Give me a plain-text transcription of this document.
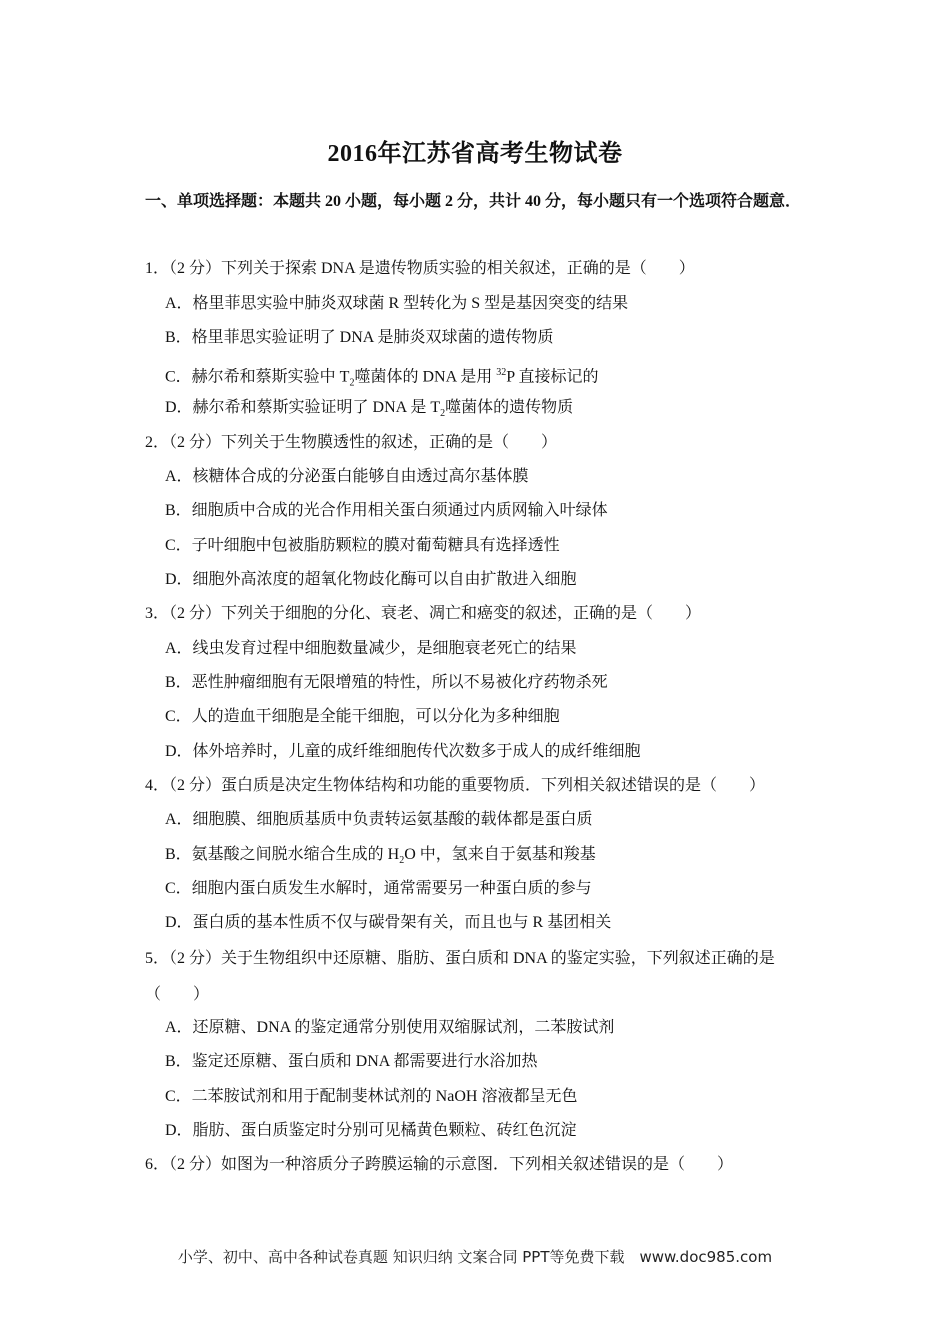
2016年江苏省高考生物试卷
一、单项选择题：本题共 20 小题，每小题 2 分，共计 40 分，每小题只有一个选项符合题意．
1．（2 分）下列关于探索 DNA 是遗传物质实验的相关叙述，正确的是（　　）
A．格里菲思实验中肺炎双球菌 R 型转化为 S 型是基因突变的结果
B．格里菲思实验证明了 DNA 是肺炎双球菌的遗传物质
C．赫尔希和蔡斯实验中 $T_2$噬菌体的 DNA 是用 $^{32}$P 直接标记的
D．赫尔希和蔡斯实验证明了 DNA 是 $T_2$噬菌体的遗传物质
2．（2 分）下列关于生物膜透性的叙述，正确的是（　　）
A．核糖体合成的分泌蛋白能够自由透过高尔基体膜
B．细胞质中合成的光合作用相关蛋白须通过内质网输入叶绿体
C．子叶细胞中包被脂肪颗粒的膜对葡萄糖具有选择透性
D．细胞外高浓度的超氧化物歧化酶可以自由扩散进入细胞
3．（2 分）下列关于细胞的分化、衰老、凋亡和癌变的叙述，正确的是（　　）
A．线虫发育过程中细胞数量减少，是细胞衰老死亡的结果
B．恶性肿瘤细胞有无限增殖的特性，所以不易被化疗药物杀死
C．人的造血干细胞是全能干细胞，可以分化为多种细胞
D．体外培养时，儿童的成纤维细胞传代次数多于成人的成纤维细胞
4．（2 分）蛋白质是决定生物体结构和功能的重要物质．下列相关叙述错误的是（　　）
A．细胞膜、细胞质基质中负责转运氨基酸的载体都是蛋白质
B．氨基酸之间脱水缩合生成的 $H_2O$ 中，氢来自于氨基和羧基
C．细胞内蛋白质发生水解时，通常需要另一种蛋白质的参与
D．蛋白质的基本性质不仅与碳骨架有关，而且也与 R 基团相关
5．（2 分）关于生物组织中还原糖、脂肪、蛋白质和 DNA 的鉴定实验，下列叙述正确的是（　　）
A．还原糖、DNA 的鉴定通常分别使用双缩脲试剂，二苯胺试剂
B．鉴定还原糖、蛋白质和 DNA 都需要进行水浴加热
C．二苯胺试剂和用于配制斐林试剂的 NaOH 溶液都呈无色
D．脂肪、蛋白质鉴定时分别可见橘黄色颗粒、砖红色沉淀
6．（2 分）如图为一种溶质分子跨膜运输的示意图．下列相关叙述错误的是（　　）
小学、初中、高中各种试卷真题 知识归纳 文案合同 PPT等免费下载　www.doc985.com
